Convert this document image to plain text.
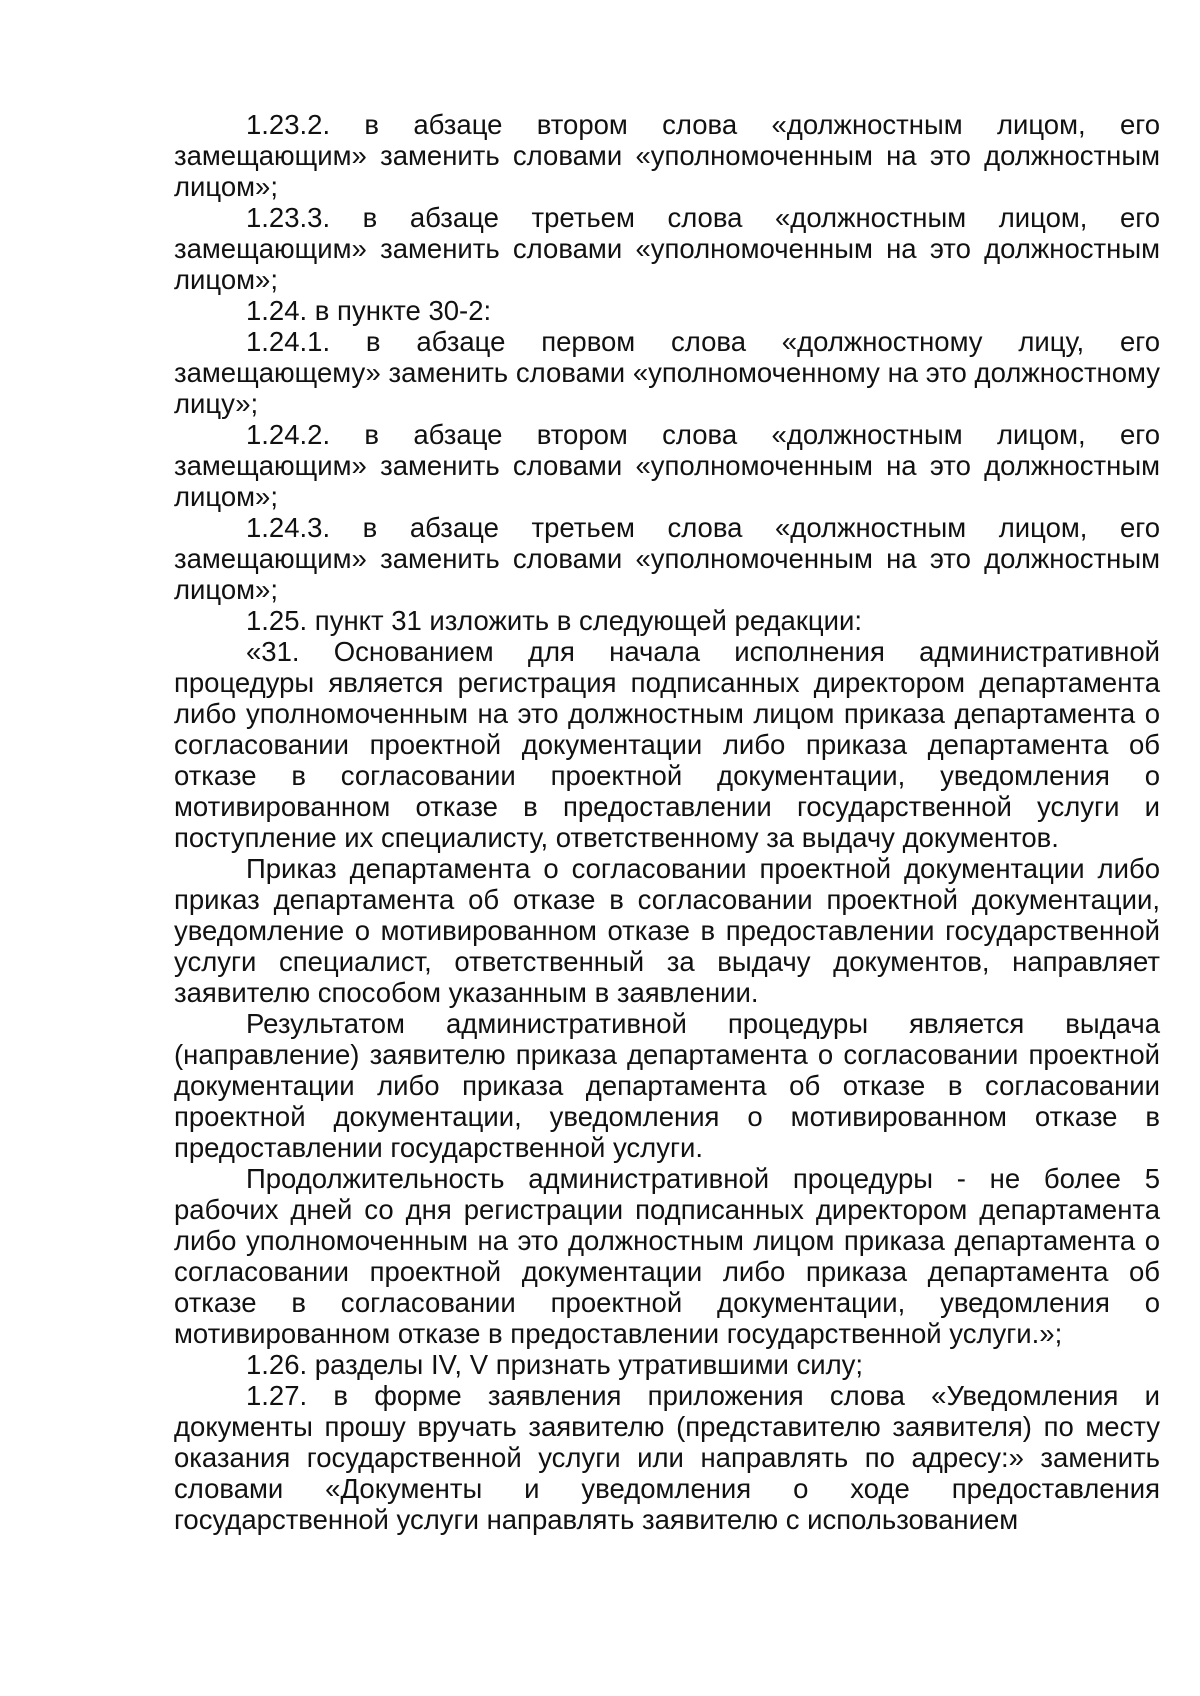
1.23.2. в абзаце втором слова «должностным лицом, его замещающим» заменить словами «уполномоченным на это должностным лицом»;

1.23.3. в абзаце третьем слова «должностным лицом, его замещающим» заменить словами «уполномоченным на это должностным лицом»;

1.24. в пункте 30-2:

1.24.1. в абзаце первом слова «должностному лицу, его замещающему» заменить словами «уполномоченному на это должностному лицу»;

1.24.2. в абзаце втором слова «должностным лицом, его замещающим» заменить словами «уполномоченным на это должностным лицом»;

1.24.3. в абзаце третьем слова «должностным лицом, его замещающим» заменить словами «уполномоченным на это должностным лицом»;

1.25. пункт 31 изложить в следующей редакции:

«31. Основанием для начала исполнения административной процедуры является регистрация подписанных директором департамента либо уполномоченным на это должностным лицом приказа департамента о согласовании проектной документации либо приказа департамента об отказе в согласовании проектной документации, уведомления о мотивированном отказе в предоставлении государственной услуги и поступление их специалисту, ответственному за выдачу документов.

Приказ департамента о согласовании проектной документации либо приказ департамента об отказе в согласовании проектной документации, уведомление о мотивированном отказе в предоставлении государственной услуги специалист, ответственный за выдачу документов, направляет заявителю способом указанным в заявлении.

Результатом административной процедуры является выдача (направление) заявителю приказа департамента о согласовании проектной документации либо приказа департамента об отказе в согласовании проектной документации, уведомления о мотивированном отказе в предоставлении государственной услуги.

Продолжительность административной процедуры - не более 5 рабочих дней со дня регистрации подписанных директором департамента либо уполномоченным на это должностным лицом приказа департамента о согласовании проектной документации либо приказа департамента об отказе в согласовании проектной документации, уведомления о мотивированном отказе в предоставлении государственной услуги.»;

1.26. разделы IV, V признать утратившими силу;

1.27. в форме заявления приложения слова «Уведомления и документы прошу вручать заявителю (представителю заявителя) по месту оказания государственной услуги или направлять по адресу:» заменить словами «Документы и уведомления о ходе предоставления государственной услуги направлять заявителю с использованием
